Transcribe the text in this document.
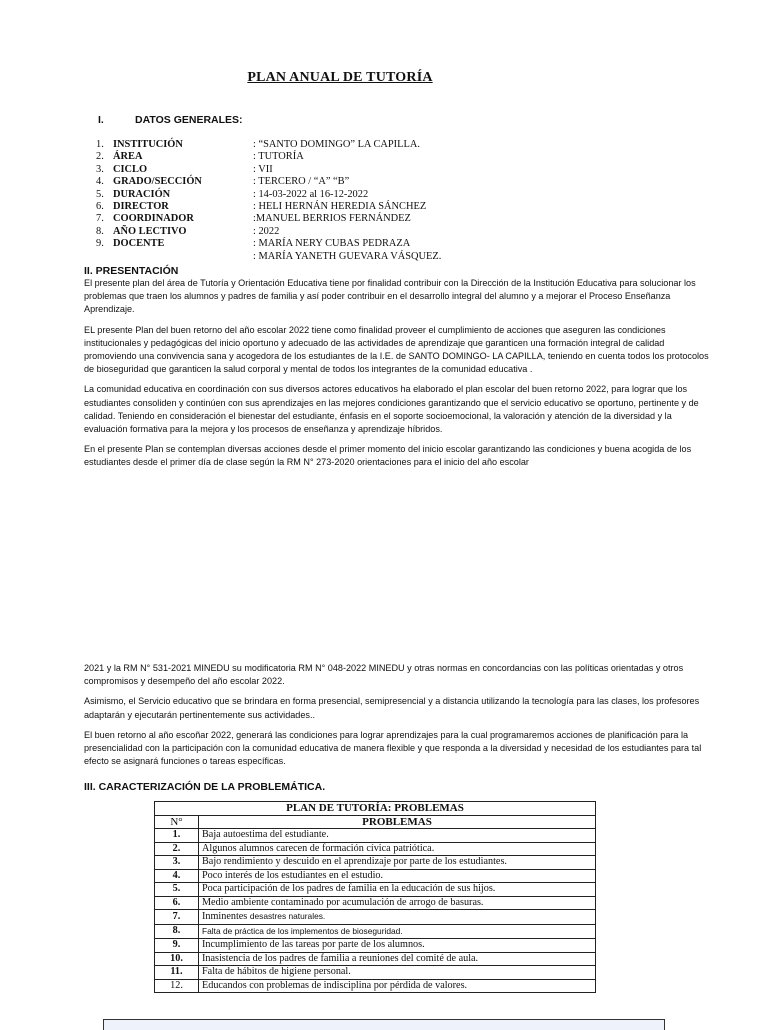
PLAN ANUAL DE TUTORÍA
I.	DATOS GENERALES:
1. INSTITUCIÓN	: “SANTO DOMINGO” LA CAPILLA.
2. ÁREA	: TUTORÍA
3. CICLO	: VII
4. GRADO/SECCIÓN	: TERCERO / “A” “B”
5. DURACIÓN	: 14-03-2022 al 16-12-2022
6. DIRECTOR	: HELI HERNÁN HEREDIA SÁNCHEZ
7. COORDINADOR	:MANUEL BERRIOS FERNÁNDEZ
8. AÑO LECTIVO	: 2022
9. DOCENTE	: MARÍA NERY CUBAS PEDRAZA
: MARÍA YANETH GUEVARA VÁSQUEZ.
II. PRESENTACIÓN

El presente plan del área de Tutoría y Orientación Educativa tiene por finalidad contribuir con la Dirección de la Institución Educativa para solucionar los problemas que traen los alumnos y padres de familia y así poder contribuir en el desarrollo integral del alumno y a mejorar el Proceso Enseñanza Aprendizaje.

EL presente Plan del buen retorno del año escolar 2022 tiene como finalidad proveer el cumplimiento de acciones que aseguren las condiciones institucionales y pedagógicas del inicio oportuno y adecuado de las actividades de aprendizaje que garanticen una formación integral de calidad promoviendo una convivencia sana y acogedora de los estudiantes de la I.E. de SANTO DOMINGO- LA CAPILLA, teniendo en cuenta todos los protocolos de bioseguridad que garanticen la salud corporal y mental de todos los integrantes de la comunidad educativa .

La comunidad educativa en coordinación con sus diversos actores educativos ha elaborado el plan escolar del buen retorno 2022, para lograr que los estudiantes consoliden y continúen con sus aprendizajes en las mejores condiciones garantizando que el servicio educativo se oportuno, pertinente y de calidad. Teniendo en consideración el bienestar del estudiante, énfasis en el soporte socioemocional, la valoración y atención de la diversidad y la evaluación formativa para la mejora y los procesos de enseñanza y aprendizaje híbridos.

En el presente Plan se contemplan diversas acciones desde el primer momento del inicio escolar garantizando las condiciones y buena acogida de los estudiantes desde el primer día de clase según la RM N° 273-2020 orientaciones para el inicio del año escolar

2021 y la RM N° 531-2021 MINEDU su modificatoria RM N° 048-2022 MINEDU y otras normas en concordancias con las políticas orientadas y otros compromisos y desempeño del año escolar 2022.

Asimismo, el Servicio educativo que se brindara en forma presencial, semipresencial y a distancia utilizando la tecnología para las clases, los profesores adaptarán y ejecutarán pertinentemente sus actividades..

El buen retorno al año escoñar 2022, generará las condiciones para lograr aprendizajes para la cual programaremos acciones de planificación para la presencialidad con la participación con la comunidad educativa de manera flexible y que responda a la diversidad y necesidad de los estudiantes para tal efecto se asignará funciones o tareas específicas.

III. CARACTERIZACIÓN DE LA PROBLEMÁTICA.
PLAN DE TUTORÍA: PROBLEMAS	
N°	PROBLEMAS
1.	Baja autoestima del estudiante.
2.	Algunos alumnos carecen de formación cívica patriótica.
3.	Bajo rendimiento y descuido en el aprendizaje por parte de los estudiantes.
4.	Poco interés de los estudiantes en el estudio.
5.	Poca participación de los padres de familia en la educación de sus hijos.
6.	Medio ambiente contaminado por acumulación de arrogo de basuras.
7.	Inminentes desastres naturales.
8.	Falta de práctica de los implementos de bioseguridad.
9.	Incumplimiento de las tareas por parte de los alumnos.
10.	Inasistencia de los padres de familia a reuniones del comité de aula.
11.	Falta de hábitos de higiene personal.
12.	Educandos con problemas de indisciplina por pérdida de valores.
